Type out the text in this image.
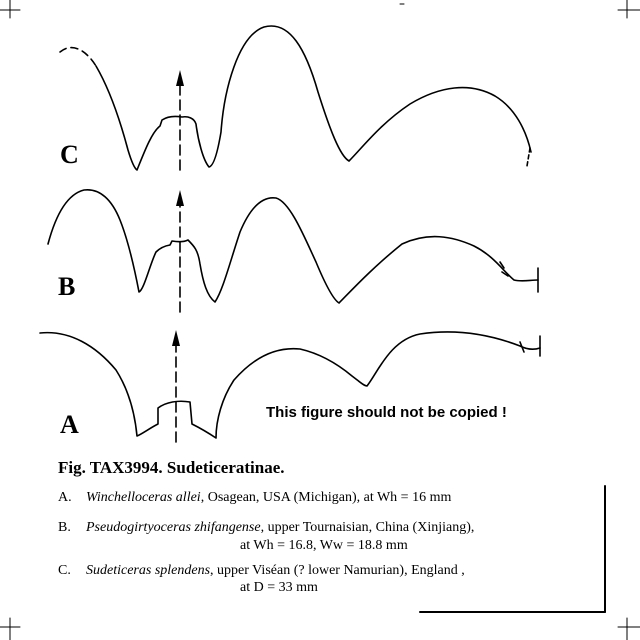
C
B
A	This figure should not be copied !
Fig. TAX3994. Sudeticeratinae.
A. Winchelloceras allei, Osagean, USA (Michigan), at Wh = 16 mm
B. Pseudogirtyoceras zhifangense, upper Tournaisian, China (Xinjiang),
at Wh = 16.8, Ww = 18.8 mm
C. Sudeticeras splendens, upper Viséan (? lower Namurian), England ,
at D = 33 mm
